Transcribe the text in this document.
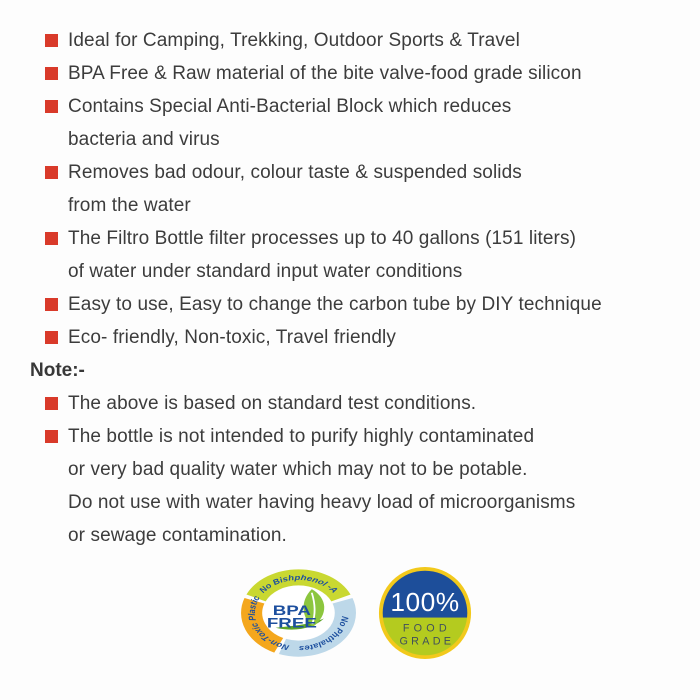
Ideal for Camping, Trekking, Outdoor Sports & Travel
BPA Free & Raw material of the bite valve-food grade silicon
Contains Special Anti-Bacterial Block which reduces
bacteria and virus
Removes bad odour, colour taste & suspended solids
from the water
The Filtro Bottle filter processes up to 40 gallons (151 liters)
of water under standard input water conditions
Easy to use, Easy to change the carbon tube by DIY technique
Eco- friendly, Non-toxic, Travel friendly
Note:-
The above is based on standard test conditions.
The bottle is not intended to purify highly contaminated
or very bad quality water which may not to be potable.
Do not use with water having heavy load of microorganisms
or sewage contamination.
BPA
FREE
No Bishphenol -A
Non-Toxic Plastic
No Phthalates
100%
FOOD
GRADE
